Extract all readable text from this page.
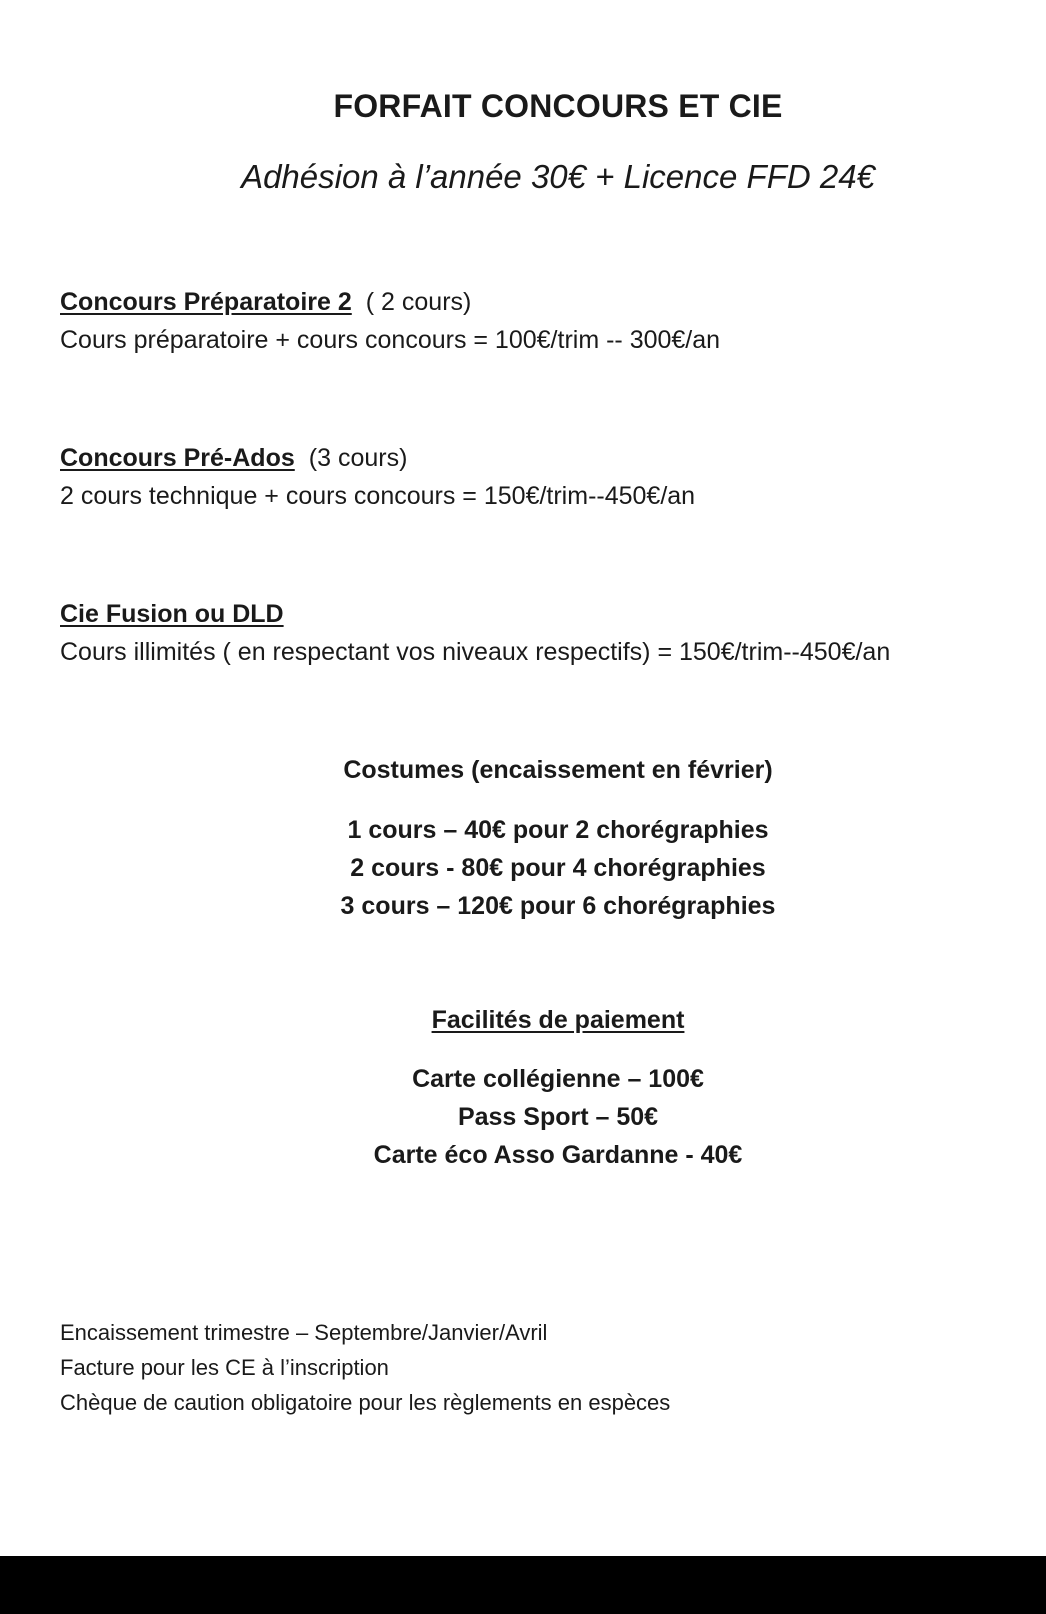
FORFAIT CONCOURS ET CIE
Adhésion à l’année 30€ + Licence FFD 24€
Concours Préparatoire 2 ( 2 cours)
Cours préparatoire + cours concours = 100€/trim -- 300€/an
Concours Pré-Ados (3 cours)
2 cours technique + cours concours = 150€/trim--450€/an
Cie Fusion ou DLD
Cours illimités ( en respectant vos niveaux respectifs) = 150€/trim--450€/an
Costumes (encaissement en février)
1 cours – 40€ pour 2 chorégraphies
2 cours - 80€ pour 4 chorégraphies
3 cours – 120€ pour 6 chorégraphies
Facilités de paiement
Carte collégienne – 100€
Pass Sport – 50€
Carte éco Asso Gardanne - 40€
Encaissement trimestre – Septembre/Janvier/Avril
Facture pour les CE à l’inscription
Chèque de caution obligatoire pour les règlements en espèces
